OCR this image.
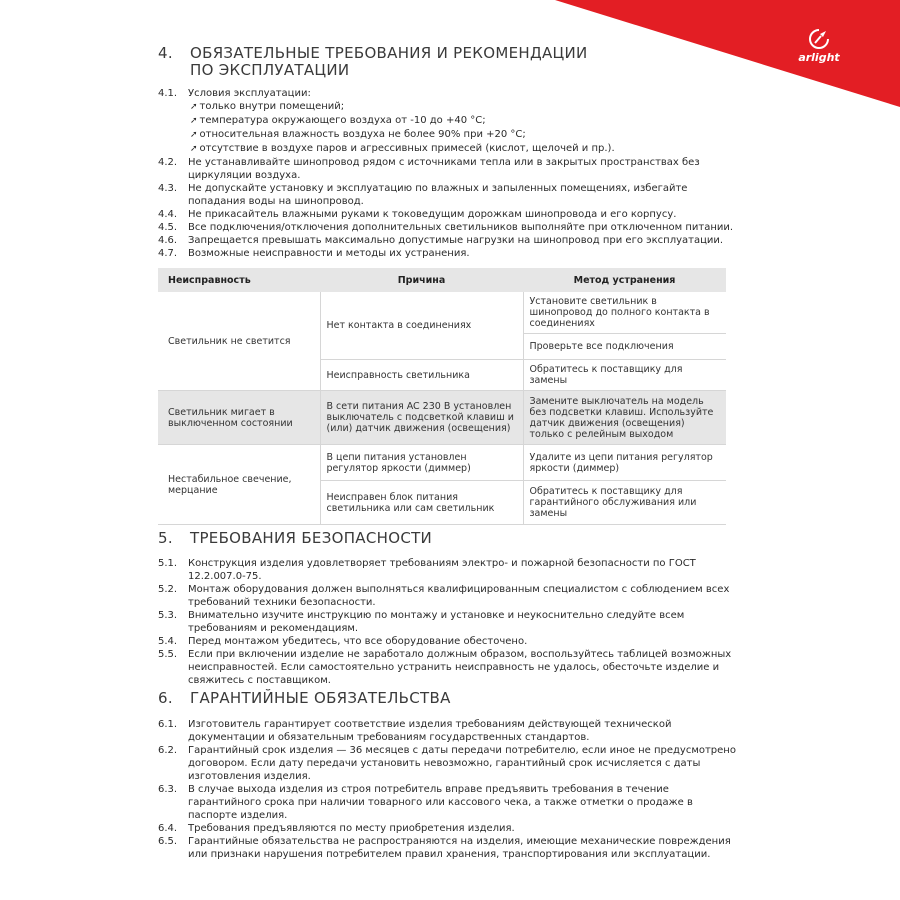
arlight
4. ОБЯЗАТЕЛЬНЫЕ ТРЕБОВАНИЯ И РЕКОМЕНДАЦИИ
ПО ЭКСПЛУАТАЦИИ
4.1. Условия эксплуатации:
➚ только внутри помещений;
➚ температура окружающего воздуха от -10 до +40 °C;
➚ относительная влажность воздуха не более 90% при +20 °C;
➚ отсутствие в воздухе паров и агрессивных примесей (кислот, щелочей и пр.).
4.2. Не устанавливайте шинопровод рядом с источниками тепла или в закрытых пространствах без циркуляции воздуха.
4.3. Не допускайте установку и эксплуатацию по влажных и запыленных помещениях, избегайте попадания воды на шинопровод.
4.4. Не прикасайтель влажными руками к токоведущим дорожкам шинопровода и его корпусу.
4.5. Все подключения/отключения дополнительных светильников выполняйте при отключенном питании.
4.6. Запрещается превышать максимально допустимые нагрузки на шинопровод при его эксплуатации.
4.7. Возможные неисправности и методы их устранения.
Неисправность	Причина	Метод устранения
Светильник не светится	Нет контакта в соединениях	Установите светильник в шинопровод до полного контакта в соединениях
		Проверьте все подключения
	Неисправность светильника	Обратитесь к поставщику для замены
Светильник мигает в выключенном состоянии	В сети питания AC 230 В установлен выключатель с подсветкой клавиш и (или) датчик движения (освещения)	Замените выключатель на модель без подсветки клавиш. Используйте датчик движения (освещения) только с релейным выходом
Нестабильное свечение, мерцание	В цепи питания установлен регулятор яркости (диммер)	Удалите из цепи питания регулятор яркости (диммер)
	Неисправен блок питания светильника или сам светильник	Обратитесь к поставщику для гарантийного обслуживания или замены
5. ТРЕБОВАНИЯ БЕЗОПАСНОСТИ
5.1. Конструкция изделия удовлетворяет требованиям электро- и пожарной безопасности по ГОСТ 12.2.007.0-75.
5.2. Монтаж оборудования должен выполняться квалифицированным специалистом с соблюдением всех требований техники безопасности.
5.3. Внимательно изучите инструкцию по монтажу и установке и неукоснительно следуйте всем требованиям и рекомендациям.
5.4. Перед монтажом убедитесь, что все оборудование обесточено.
5.5. Если при включении изделие не заработало должным образом, воспользуйтесь таблицей возможных неисправностей. Если самостоятельно устранить неисправность не удалось, обесточьте изделие и свяжитесь с поставщиком.
6. ГАРАНТИЙНЫЕ ОБЯЗАТЕЛЬСТВА
6.1. Изготовитель гарантирует соответствие изделия требованиям действующей технической документации и обязательным требованиям государственных стандартов.
6.2. Гарантийный срок изделия — 36 месяцев с даты передачи потребителю, если иное не предусмотрено договором. Если дату передачи установить невозможно, гарантийный срок исчисляется с даты изготовления изделия.
6.3. В случае выхода изделия из строя потребитель вправе предъявить требования в течение гарантийного срока при наличии товарного или кассового чека, а также отметки о продаже в паспорте изделия.
6.4. Требования предъявляются по месту приобретения изделия.
6.5. Гарантийные обязательства не распространяются на изделия, имеющие механические повреждения или признаки нарушения потребителем правил хранения, транспортирования или эксплуатации.
